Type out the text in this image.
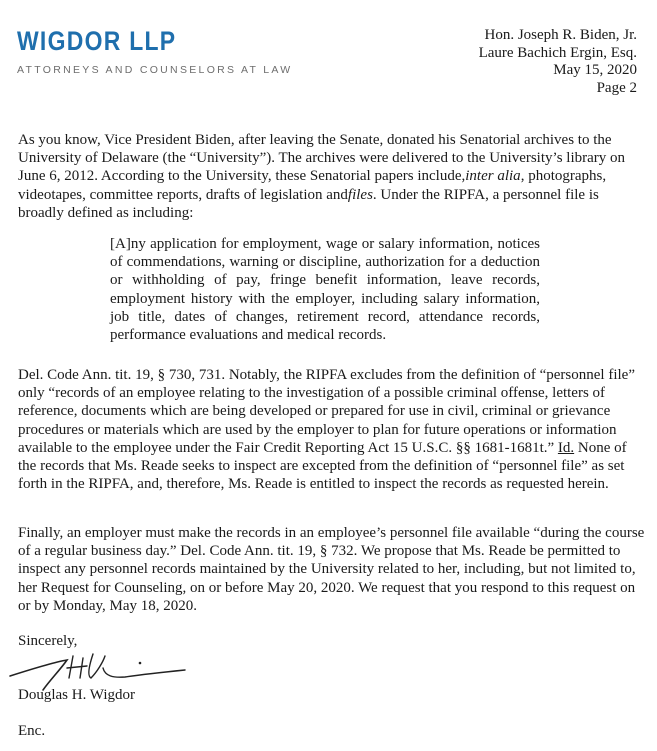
WIGDOR LLP
ATTORNEYS AND COUNSELORS AT LAW
Hon. Joseph R. Biden, Jr.
Laure Bachich Ergin, Esq.
May 15, 2020
Page 2
As you know, Vice President Biden, after leaving the Senate, donated his Senatorial archives to the University of Delaware (the “University”). The archives were delivered to the University’s library on June 6, 2012. According to the University, these Senatorial papers include,inter alia, photographs, videotapes, committee reports, drafts of legislation andfiles. Under the RIPFA, a personnel file is broadly defined as including:
[A]ny application for employment, wage or salary information, notices of commendations, warning or discipline, authorization for a deduction or withholding of pay, fringe benefit information, leave records, employment history with the employer, including salary information, job title, dates of changes, retirement record, attendance records, performance evaluations and medical records.
Del. Code Ann. tit. 19, § 730, 731. Notably, the RIPFA excludes from the definition of “personnel file” only “records of an employee relating to the investigation of a possible criminal offense, letters of reference, documents which are being developed or prepared for use in civil, criminal or grievance procedures or materials which are used by the employer to plan for future operations or information available to the employee under the Fair Credit Reporting Act 15 U.S.C. §§ 1681-1681t.” Id. None of the records that Ms. Reade seeks to inspect are excepted from the definition of “personnel file” as set forth in the RIPFA, and, therefore, Ms. Reade is entitled to inspect the records as requested herein.
Finally, an employer must make the records in an employee’s personnel file available “during the course of a regular business day.” Del. Code Ann. tit. 19, § 732. We propose that Ms. Reade be permitted to inspect any personnel records maintained by the University related to her, including, but not limited to, her Request for Counseling, on or before May 20, 2020. We request that you respond to this request on or by Monday, May 18, 2020.
Sincerely,
Douglas H. Wigdor
Enc.
